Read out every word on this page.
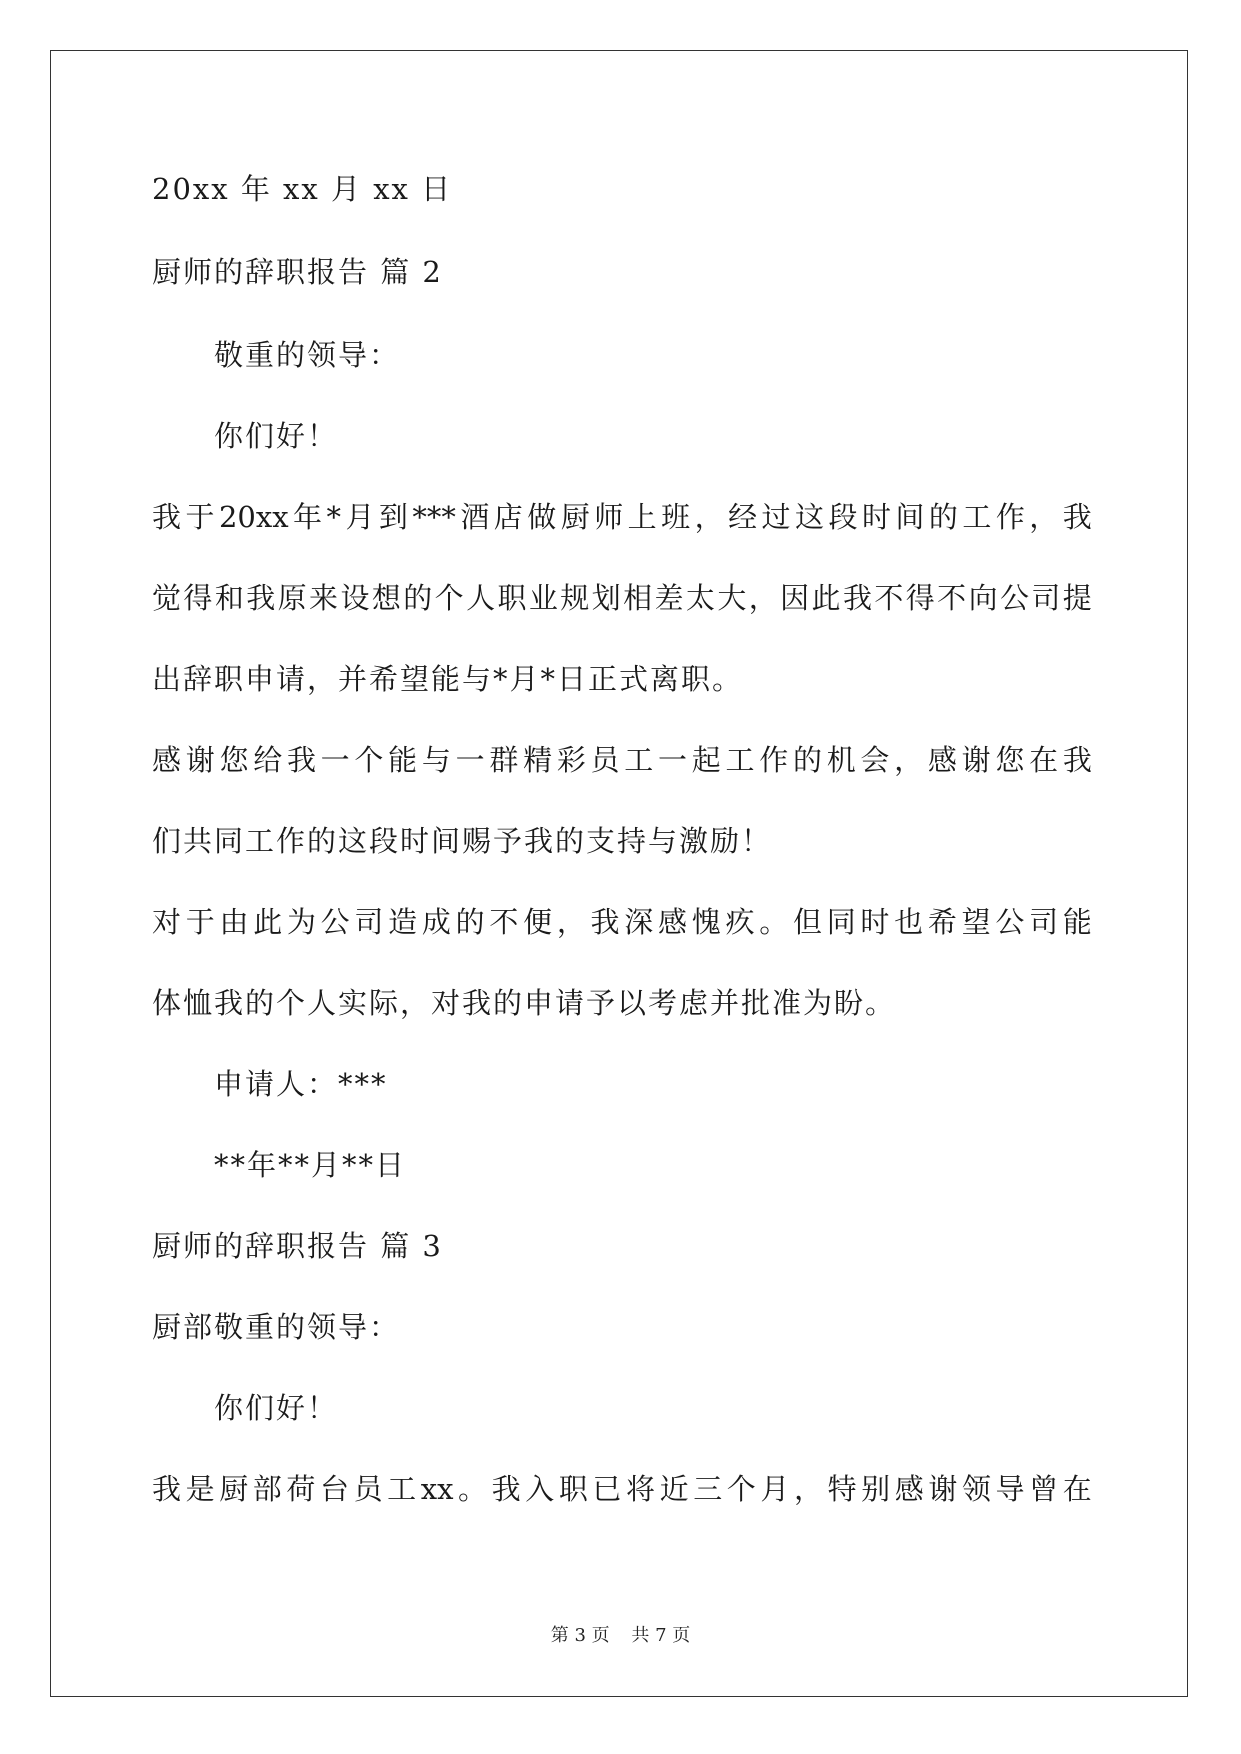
20xx 年 xx 月 xx 日
厨师的辞职报告 篇 2
敬重的领导：
你们好！
我 于 20xx 年 * 月 到 *** 酒 店 做 厨 师 上 班 ， 经 过 这 段 时 间 的 工 作 ， 我
觉 得 和 我 原 来 设 想 的 个 人 职 业 规 划 相 差 太 大 ， 因 此 我 不 得 不 向 公 司 提
出辞职申请，并希望能与*月*日正式离职。
感 谢 您 给 我 一 个 能 与 一 群 精 彩 员 工 一 起 工 作 的 机 会 ， 感 谢 您 在 我
们共同工作的这段时间赐予我的支持与激励！
对 于 由 此 为 公 司 造 成 的 不 便 ， 我 深 感 愧 疚 。 但 同 时 也 希 望 公 司 能
体恤我的个人实际，对我的申请予以考虑并批准为盼。
申请人：***
**年**月**日
厨师的辞职报告 篇 3
厨部敬重的领导：
你们好！
我 是 厨 部 荷 台 员 工 xx 。 我 入 职 已 将 近 三 个 月 ， 特 别 感 谢 领 导 曾 在
第 3 页 共 7 页
